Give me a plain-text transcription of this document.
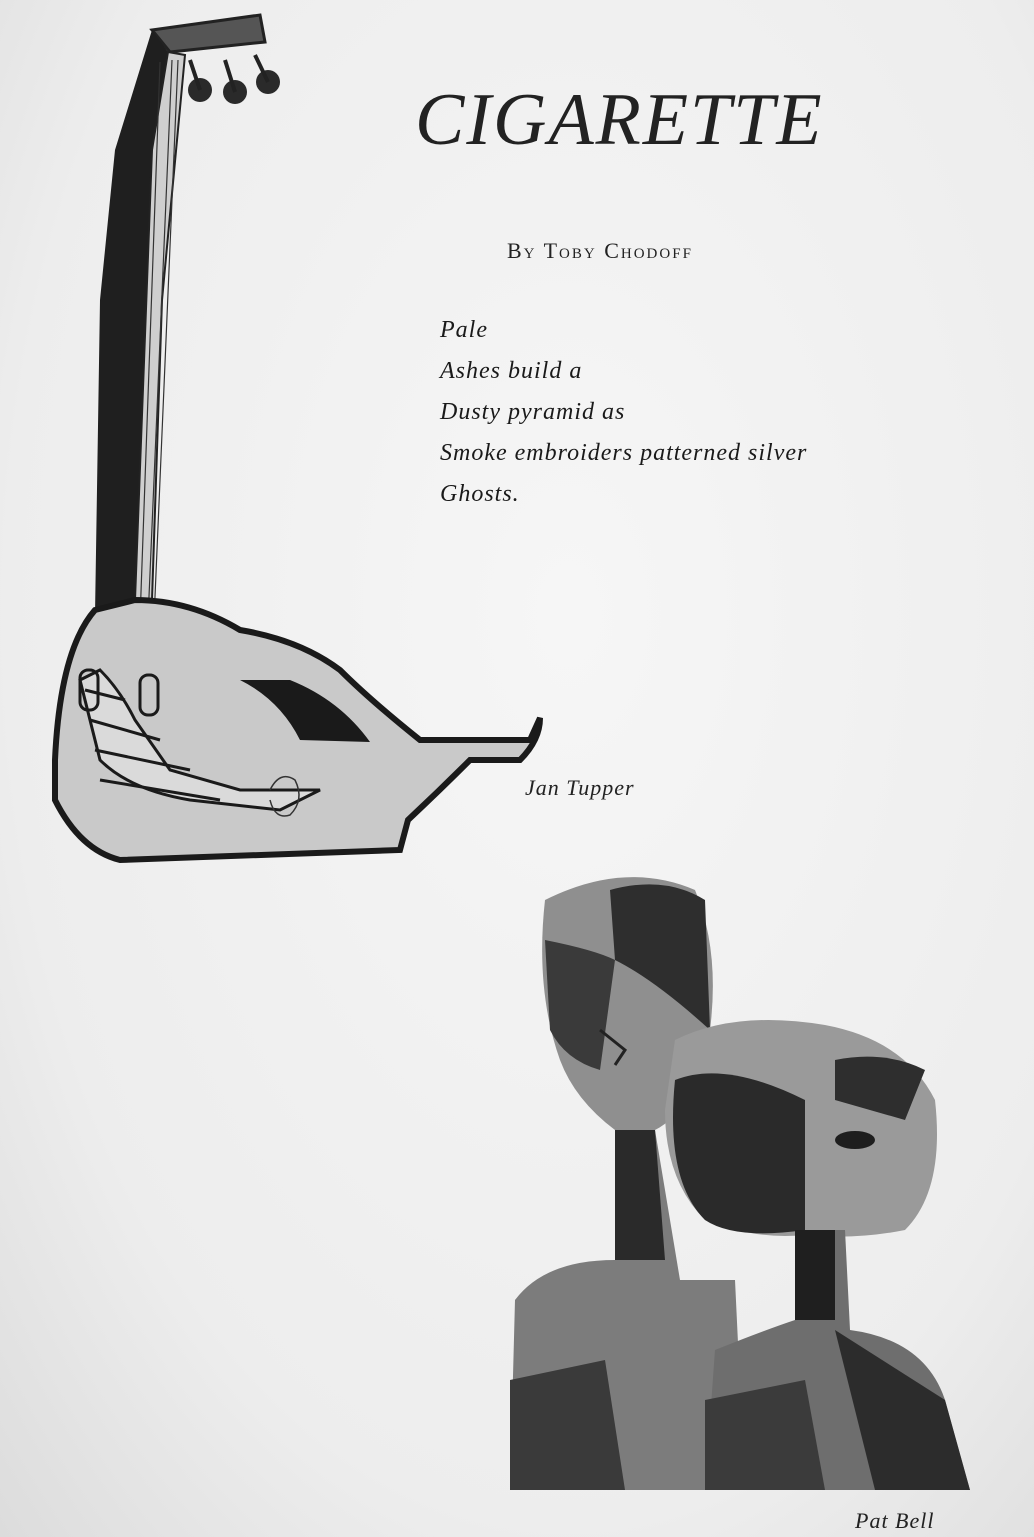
CIGARETTE
By Toby Chodoff
Pale
Ashes build a
Dusty pyramid as
Smoke embroiders patterned silver
Ghosts.
Jan Tupper
Pat Bell
